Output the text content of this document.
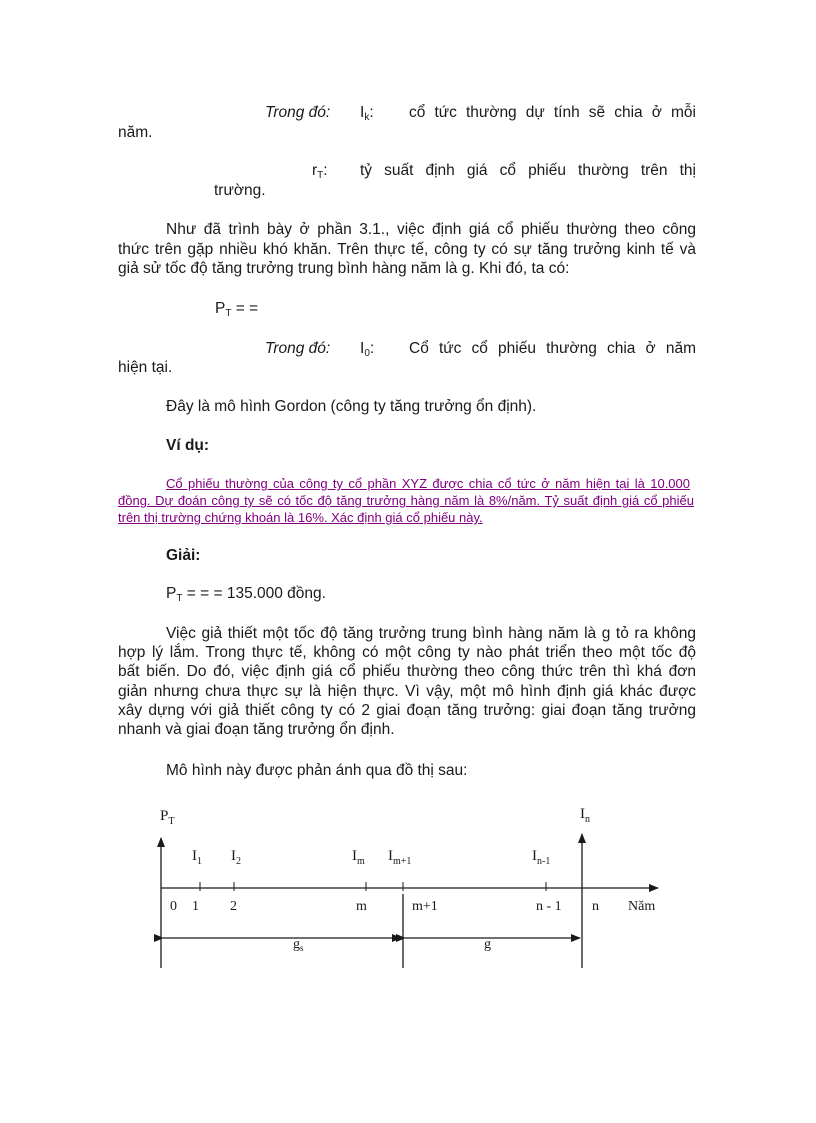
Trong đó: $I_k$: cổ tức thường dự tính sẽ chia ở mỗi
năm.
$r_T$: tỷ suất định giá cổ phiếu thường trên thị
trường.
Như đã trình bày ở phần 3.1., việc định giá cổ phiếu thường theo công
thức trên gặp nhiều khó khăn. Trên thực tế, công ty có sự tăng trưởng kinh tế và
giả sử tốc độ tăng trưởng trung bình hàng năm là g. Khi đó, ta có:
$P_T$ = =
Trong đó: $I_0$: Cổ tức cổ phiếu thường chia ở năm
hiện tại.
Đây là mô hình Gordon (công ty tăng trưởng ổn định).
Ví dụ:
Cổ phiếu thường của công ty cổ phần XYZ được chia cổ tức ở năm hiện tại là 10.000
đồng. Dự đoán công ty sẽ có tốc độ tăng trưởng hàng năm là 8%/năm. Tỷ suất định giá cổ phiếu
trên thị trường chứng khoán là 16%. Xác định giá cổ phiếu này.
Giải:
$P_T$ = = = 135.000 đồng.
Việc giả thiết một tốc độ tăng trưởng trung bình hàng năm là g tỏ ra không
hợp lý lắm. Trong thực tế, không có một công ty nào phát triển theo một tốc độ
bất biến. Do đó, việc định giá cổ phiếu thường theo công thức trên thì khá đơn
giản nhưng chưa thực sự là hiện thực. Vì vậy, một mô hình định giá khác được
xây dựng với giả thiết công ty có 2 giai đoạn tăng trưởng: giai đoạn tăng trưởng
nhanh và giai đoạn tăng trưởng ổn định.
Mô hình này được phản ánh qua đồ thị sau:
$P_T$	$I_n$
$I_1$ $I_2$	$I_m$ $I_{m+1}$	$I_{n-1}$
0 1 2	m	m+1	n - 1 n Năm
$g_s$	g
